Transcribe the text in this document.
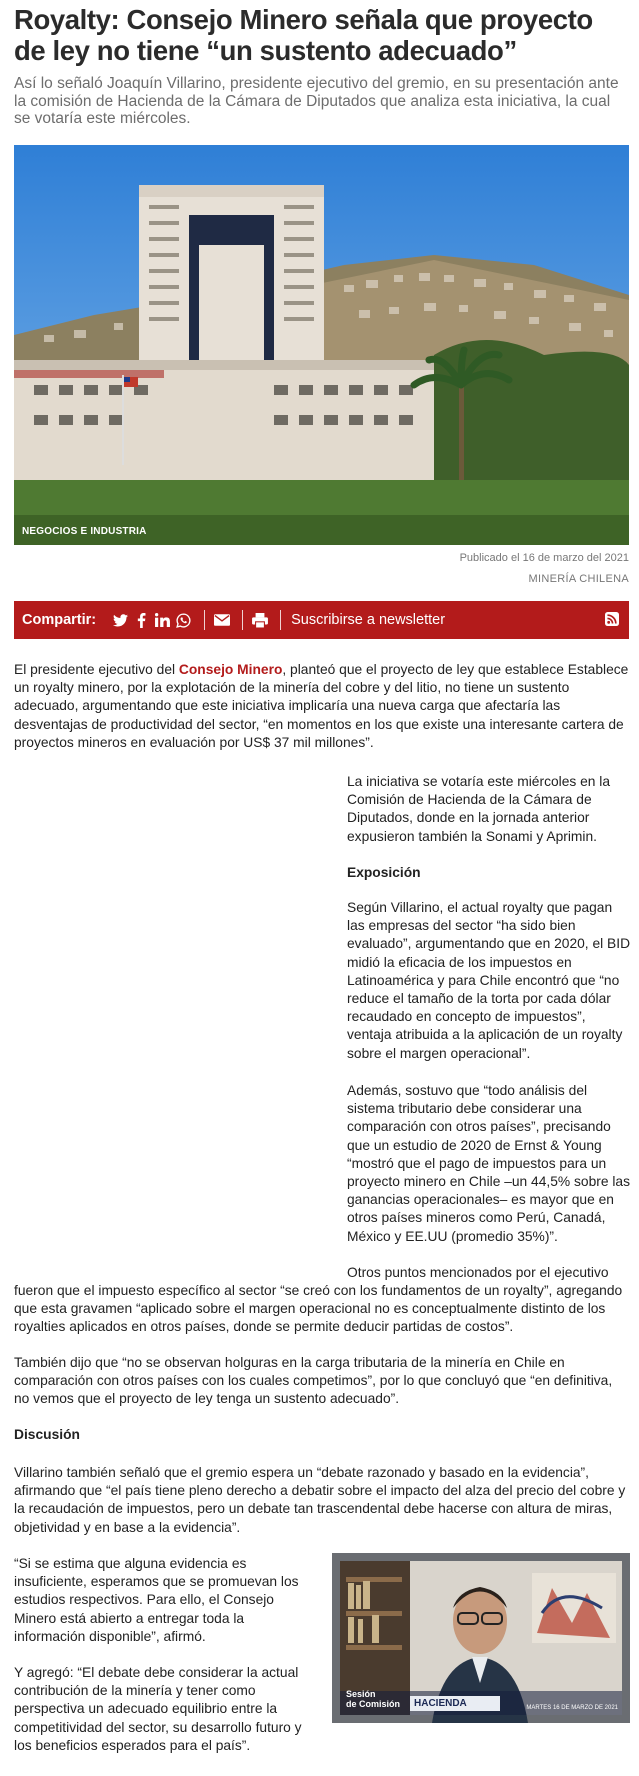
Royalty: Consejo Minero señala que proyecto de ley no tiene “un sustento adecuado”

Así lo señaló Joaquín Villarino, presidente ejecutivo del gremio, en su presentación ante la comisión de Hacienda de la Cámara de Diputados que analiza esta iniciativa, la cual se votaría este miércoles.

NEGOCIOS E INDUSTRIA
Publicado el 16 de marzo del 2021
MINERÍA CHILENA
Compartir:	Suscribirse a newsletter

El presidente ejecutivo del Consejo Minero, planteó que el proyecto de ley que establece Establece un royalty minero, por la explotación de la minería del cobre y del litio, no tiene un sustento adecuado, argumentando que este iniciativa implicaría una nueva carga que afectaría las desventajas de productividad del sector, “en momentos en los que existe una interesante cartera de proyectos mineros en evaluación por US$ 37 mil millones”.

La iniciativa se votaría este miércoles en la Comisión de Hacienda de la Cámara de Diputados, donde en la jornada anterior expusieron también la Sonami y Aprimin.

Exposición

Según Villarino, el actual royalty que pagan las empresas del sector “ha sido bien evaluado”, argumentando que en 2020, el BID midió la eficacia de los impuestos en Latinoamérica y para Chile encontró que “no reduce el tamaño de la torta por cada dólar recaudado en concepto de impuestos”, ventaja atribuida a la aplicación de un royalty sobre el margen operacional”.

Además, sostuvo que “todo análisis del sistema tributario debe considerar una comparación con otros países”, precisando que un estudio de 2020 de Ernst & Young “mostró que el pago de impuestos para un proyecto minero en Chile –un 44,5% sobre las ganancias operacionales– es mayor que en otros países mineros como Perú, Canadá, México y EE.UU (promedio 35%)”.

Otros puntos mencionados por el ejecutivo

fueron que el impuesto específico al sector “se creó con los fundamentos de un royalty”, agregando que esta gravamen “aplicado sobre el margen operacional no es conceptualmente distinto de los royalties aplicados en otros países, donde se permite deducir partidas de costos”.

También dijo que “no se observan holguras en la carga tributaria de la minería en Chile en comparación con otros países con los cuales competimos”, por lo que concluyó que “en definitiva, no vemos que el proyecto de ley tenga un sustento adecuado”.

Discusión

Villarino también señaló que el gremio espera un “debate razonado y basado en la evidencia”, afirmando que “el país tiene pleno derecho a debatir sobre el impacto del alza del precio del cobre y la recaudación de impuestos, pero un debate tan trascendental debe hacerse con altura de miras, objetividad y en base a la evidencia”.

“Si se estima que alguna evidencia es insuficiente, esperamos que se promuevan los estudios respectivos. Para ello, el Consejo Minero está abierto a entregar toda la información disponible”, afirmó.

Y agregó: “El debate debe considerar la actual contribución de la minería y tener como perspectiva un adecuado equilibrio entre la competitividad del sector, su desarrollo futuro y los beneficios esperados para el país”.

Sesión
de Comisión HACIENDA	MARTES 16 DE MARZO DE 2021
